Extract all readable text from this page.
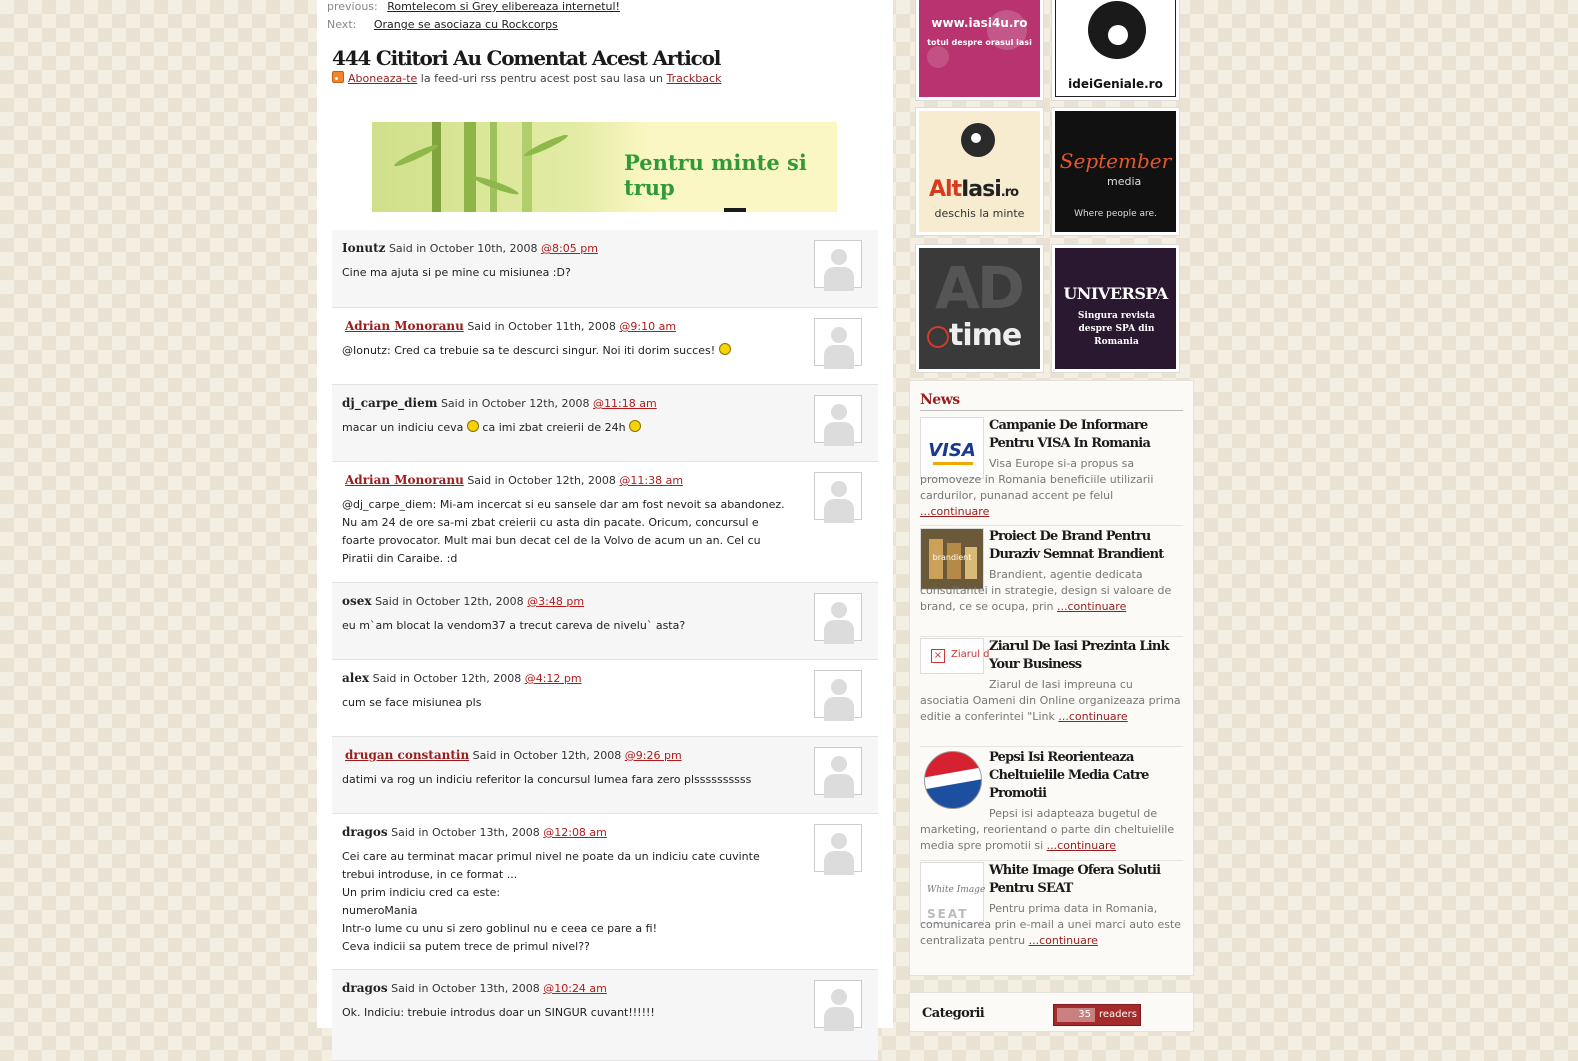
previous: Romtelecom si Grey elibereaza internetul!
Next: Orange se asociaza cu Rockcorps
444 Cititori Au Comentat Acest Articol
Aboneaza-te la feed-uri rss pentru acest post sau lasa un Trackback
Pentru minte si trup
Ionutz Said in October 10th, 2008 @8:05 pm
Cine ma ajuta si pe mine cu misiunea :D?
Adrian Monoranu Said in October 11th, 2008 @9:10 am
@Ionutz: Cred ca trebuie sa te descurci singur. Noi iti dorim succes!
dj_carpe_diem Said in October 12th, 2008 @11:18 am
macar un indiciu ceva ca imi zbat creierii de 24h
Adrian Monoranu Said in October 12th, 2008 @11:38 am
@dj_carpe_diem: Mi-am incercat si eu sansele dar am fost nevoit sa abandonez.
Nu am 24 de ore sa-mi zbat creierii cu asta din pacate. Oricum, concursul e
foarte provocator. Mult mai bun decat cel de la Volvo de acum un an. Cel cu
Piratii din Caraibe. :d
osex Said in October 12th, 2008 @3:48 pm
eu m`am blocat la vendom37 a trecut careva de nivelu` asta?
alex Said in October 12th, 2008 @4:12 pm
cum se face misiunea pls
drugan constantin Said in October 12th, 2008 @9:26 pm
datimi va rog un indiciu referitor la concursul lumea fara zero plssssssssss
dragos Said in October 13th, 2008 @12:08 am
Cei care au terminat macar primul nivel ne poate da un indiciu cate cuvinte
trebui introduse, in ce format ...
Un prim indiciu cred ca este:
numeroMania
Intr-o lume cu unu si zero goblinul nu e ceea ce pare a fi!
Ceva indicii sa putem trece de primul nivel??
dragos Said in October 13th, 2008 @10:24 am
Ok. Indiciu: trebuie introdus doar un SINGUR cuvant!!!!!!
www.iasi4u.ro
totul despre orasul iasi
ideiGeniale.ro
AltIasi.ro
deschis la minte
September
media
Where people are.
AD
time
UNIVERSPA
Singura revista despre SPA din Romania
News
VISA
Campanie De Informare Pentru VISA In Romania
Visa Europe si-a propus sa promoveze in Romania beneficiile utilizarii cardurilor, punanad accent pe felul ...continuare
brandient
Proiect De Brand Pentru Duraziv Semnat Brandient
Brandient, agentie dedicata consultantei in strategie, design si valoare de brand, ce se ocupa, prin ...continuare
× Ziarul d
Ziarul De Iasi Prezinta Link Your Business
Ziarul de Iasi impreuna cu asociatia Oameni din Online organizeaza prima editie a conferintei "Link ...continuare
Pepsi Isi Reorienteaza Cheltuielile Media Catre Promotii
Pepsi isi adapteaza bugetul de marketing, reorientand o parte din cheltuielile media spre promotii si ...continuare
White Image
SEAT
White Image Ofera Solutii Pentru SEAT
Pentru prima data in Romania, comunicarea prin e-mail a unei marci auto este centralizata pentru ...continuare
Categorii	35 readers
